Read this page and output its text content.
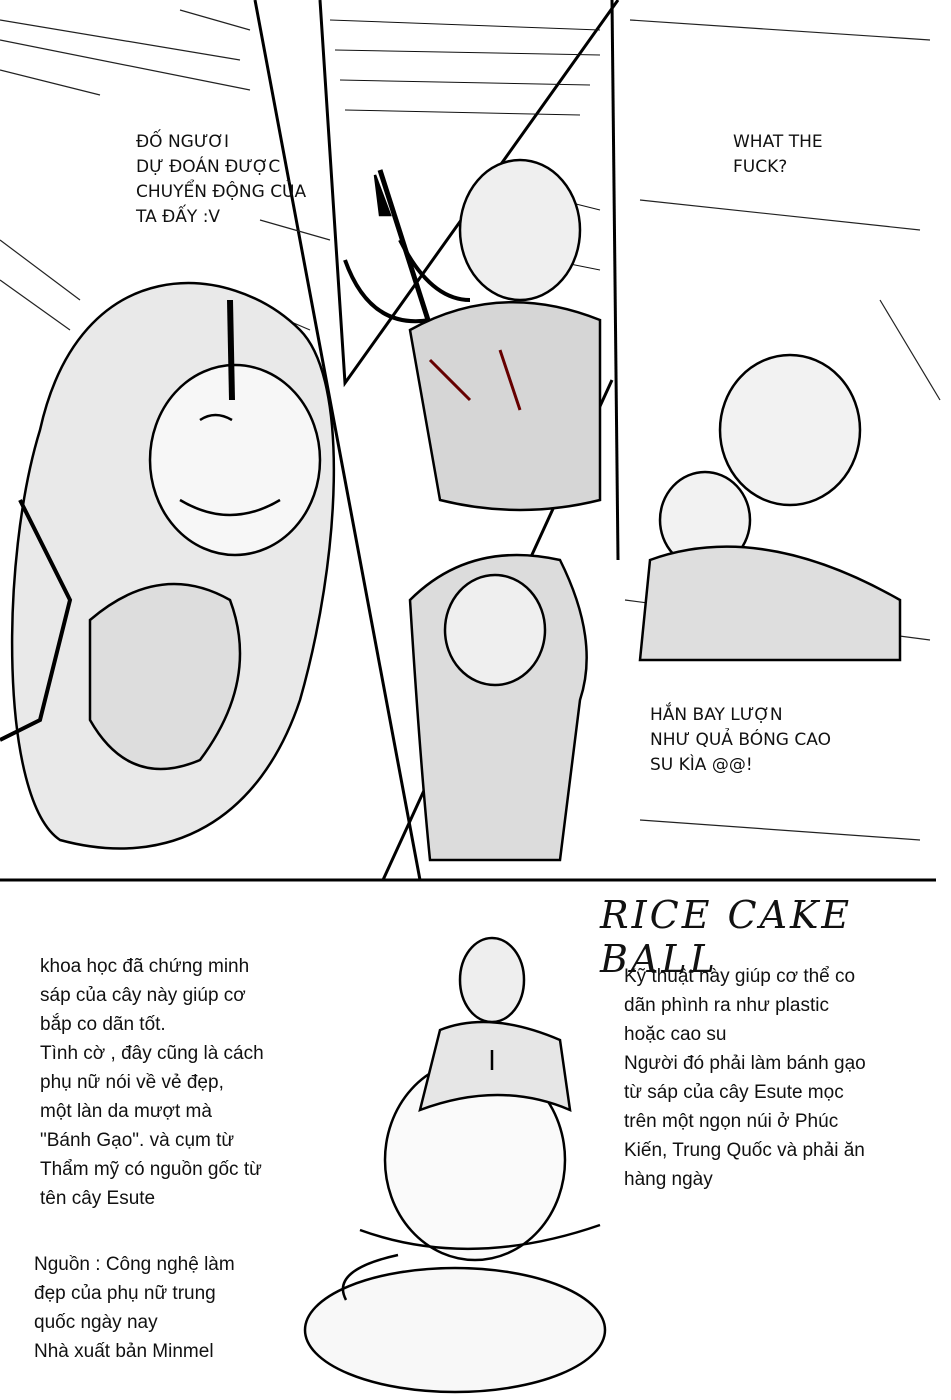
ĐỐ NGƯƠI
DỰ ĐOÁN ĐƯỢC
CHUYỂN ĐỘNG CỦA
TA ĐẤY :V
WHAT THE
FUCK?
HẮN BAY LƯỢN
NHƯ QUẢ BÓNG CAO
SU KÌA @@!
RICE CAKE BALL
khoa học đã chứng minh
sáp của cây này giúp cơ
bắp co dãn tốt.
Tình cờ , đây cũng là cách
phụ nữ nói về vẻ đẹp,
một làn da mượt mà
"Bánh Gạo". và cụm từ
Thẩm mỹ có nguồn gốc từ
tên cây Esute
Nguồn : Công nghệ làm
đẹp của phụ nữ trung
quốc ngày nay
Nhà xuất bản Minmel
Kỹ thuật này giúp cơ thể co
dãn phình ra như plastic
hoặc cao su
Người đó phải làm bánh gạo
từ sáp của cây Esute mọc
trên một ngọn núi ở Phúc
Kiến, Trung Quốc và phải ăn
hàng ngày
